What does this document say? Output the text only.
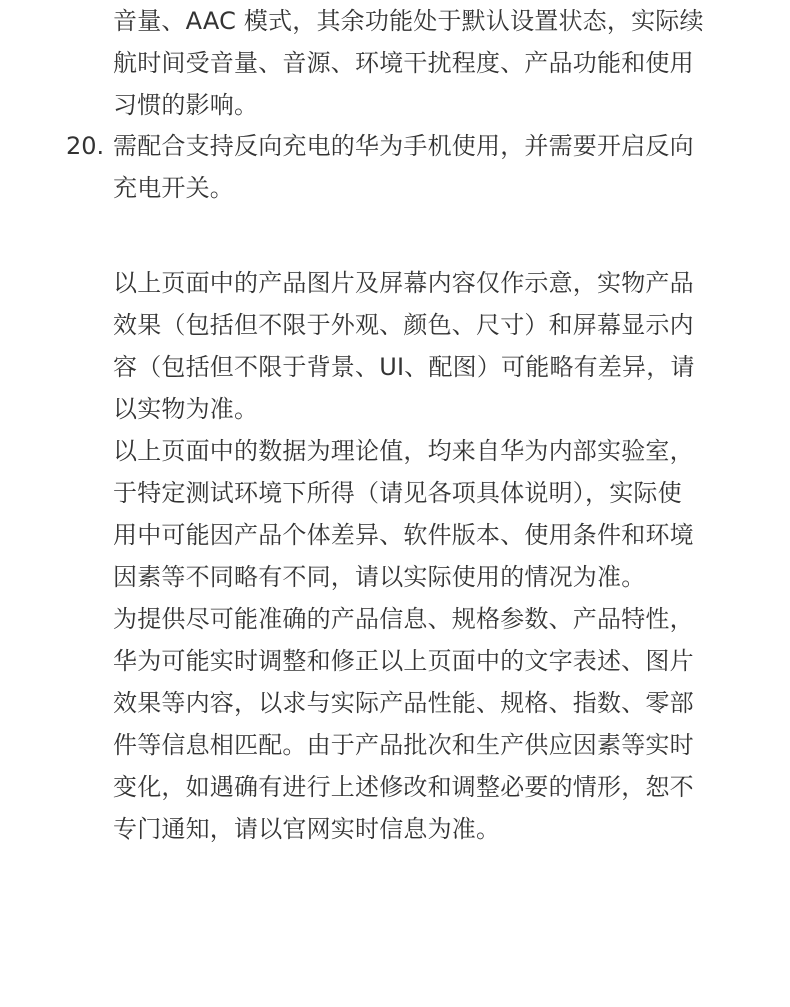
音量、AAC 模式，其余功能处于默认设置状态，实际续
航时间受音量、音源、环境干扰程度、产品功能和使用
习惯的影响。
20. 需配合支持反向充电的华为手机使用，并需要开启反向
充电开关。
以上页面中的产品图片及屏幕内容仅作示意，实物产品
效果（包括但不限于外观、颜色、尺寸）和屏幕显示内
容（包括但不限于背景、UI、配图）可能略有差异，请
以实物为准。
以上页面中的数据为理论值，均来自华为内部实验室，
于特定测试环境下所得（请见各项具体说明），实际使
用中可能因产品个体差异、软件版本、使用条件和环境
因素等不同略有不同，请以实际使用的情况为准。
为提供尽可能准确的产品信息、规格参数、产品特性，
华为可能实时调整和修正以上页面中的文字表述、图片
效果等内容，以求与实际产品性能、规格、指数、零部
件等信息相匹配。由于产品批次和生产供应因素等实时
变化，如遇确有进行上述修改和调整必要的情形，恕不
专门通知，请以官网实时信息为准。
